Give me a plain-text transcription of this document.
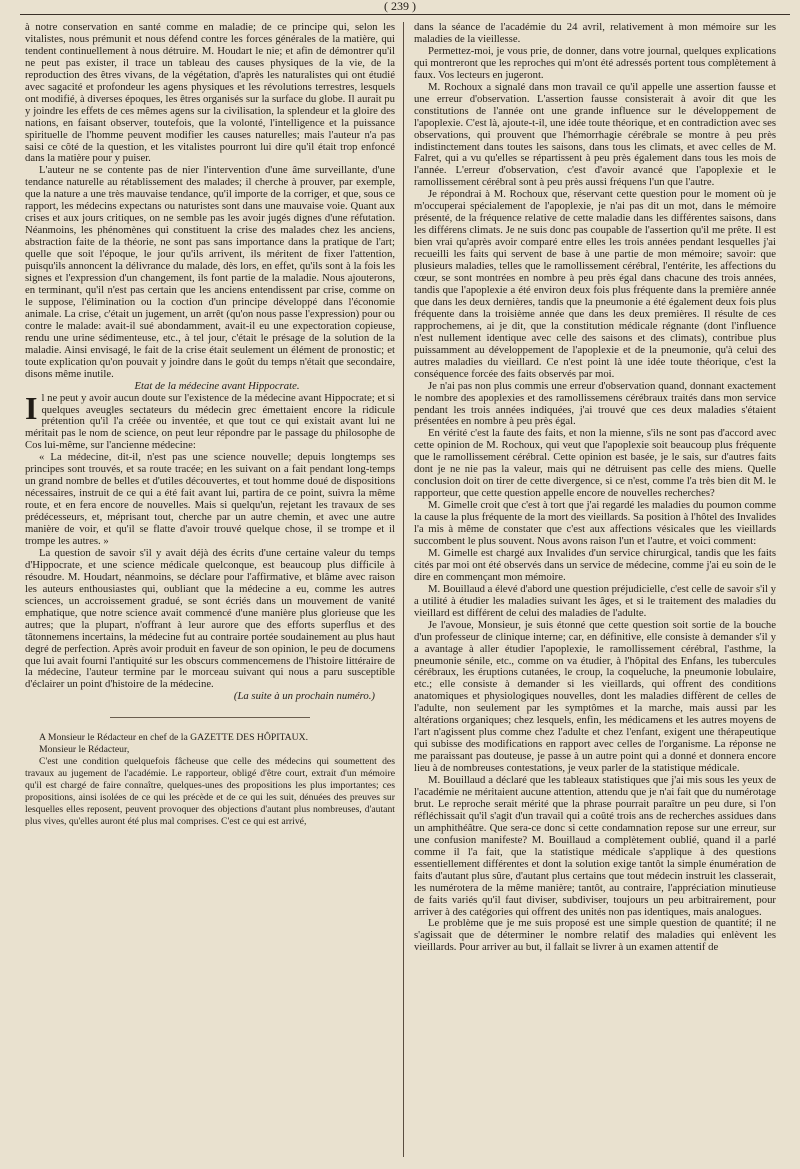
( 239 )

à notre conservation en santé comme en maladie; de ce principe qui, selon les vitalistes, nous prémunit et nous défend contre les forces générales de la matière, qui tendent continuellement à nous détruire. M. Houdart le nie; et afin de démontrer qu'il ne peut pas exister, il trace un tableau des causes physiques de la vie, de la reproduction des êtres vivans, de la végétation, d'après les naturalistes qui ont étudié avec sagacité et profondeur les agens physiques et les révolutions terrestres, lesquels ont modifié, à diverses époques, les êtres organisés sur la surface du globe. Il aurait pu y joindre les effets de ces mêmes agens sur la civilisation, la splendeur et la gloire des nations, en faisant observer, toutefois, que la volonté, l'intelligence et la puissance spirituelle de l'homme peuvent modifier les causes naturelles; mais l'auteur n'a pas saisi ce côté de la question, et les vitalistes pourront lui dire qu'il était trop enfoncé dans la matière pour y puiser.

L'auteur ne se contente pas de nier l'intervention d'une âme surveillante, d'une tendance naturelle au rétablissement des malades; il cherche à prouver, par exemple, que la nature a une très mauvaise tendance, qu'il importe de la corriger, et que, sous ce rapport, les médecins expectans ou naturistes sont dans une mauvaise voie. Quant aux crises et aux jours critiques, on ne semble pas les avoir jugés dignes d'une réfutation. Néanmoins, les phénomènes qui constituent la crise des malades chez les anciens, abstraction faite de la théorie, ne sont pas sans importance dans la pratique de l'art; quelle que soit l'époque, le jour qu'ils arrivent, ils méritent de fixer l'attention, puisqu'ils annoncent la délivrance du malade, dès lors, en effet, qu'ils sont à la fois les signes et l'expression d'un changement, ils font partie de la maladie. Nous ajouterons, en terminant, qu'il n'est pas certain que les anciens entendissent par crise, comme on le suppose, l'élimination ou la coction d'un principe développé dans l'économie animale. La crise, c'était un jugement, un arrêt (qu'on nous passe l'expression) pour ou contre le malade: avait-il sué abondamment, avait-il eu une expectoration copieuse, rendu une urine sédimenteuse, etc., à tel jour, c'était le présage de la solution de la maladie. Ainsi envisagé, le fait de la crise était seulement un élément de pronostic; et toute explication qu'on pouvait y joindre dans le goût du temps n'était que secondaire, disons même inutile.

Etat de la médecine avant Hippocrate.

Il ne peut y avoir aucun doute sur l'existence de la médecine avant Hippocrate; et si quelques aveugles sectateurs du médecin grec émettaient encore la ridicule prétention qu'il l'a créée ou inventée, et que tout ce qui existait avant lui ne méritait pas le nom de science, on peut leur répondre par le passage du philosophe de Cos lui-même, sur l'ancienne médecine:

« La médecine, dit-il, n'est pas une science nouvelle; depuis longtemps ses principes sont trouvés, et sa route tracée; en les suivant on a fait pendant long-temps un grand nombre de belles et d'utiles découvertes, et tout homme doué de dispositions nécessaires, instruit de ce qui a été fait avant lui, partira de ce point, suivra la même route, et en fera encore de nouvelles. Mais si quelqu'un, rejetant les travaux de ses prédécesseurs, et, méprisant tout, cherche par un autre chemin, et avec une autre manière de voir, et qu'il se flatte d'avoir trouvé quelque chose, il se trompe et il trompe les autres. »

La question de savoir s'il y avait déjà des écrits d'une certaine valeur du temps d'Hippocrate, et une science médicale quelconque, est beaucoup plus difficile à résoudre. M. Houdart, néanmoins, se déclare pour l'affirmative, et blâme avec raison les auteurs enthousiastes qui, oubliant que la médecine a eu, comme les autres sciences, un accroissement gradué, se sont écriés dans un mouvement de vanité emphatique, que notre science avait commencé d'une manière plus glorieuse que les autres; que la plupart, n'offrant à leur aurore que des efforts superflus et des tâtonnemens incertains, la médecine fut au contraire portée soudainement au plus haut degré de perfection. Après avoir produit en faveur de son opinion, le peu de documens que lui avait fourni l'antiquité sur les obscurs commencemens de l'histoire littéraire de la médecine, l'auteur termine par le morceau suivant qui nous a paru susceptible d'éclairer un point d'histoire de la médecine.

(La suite à un prochain numéro.)

A Monsieur le Rédacteur en chef de la GAZETTE DES HÔPITAUX.

Monsieur le Rédacteur,

C'est une condition quelquefois fâcheuse que celle des médecins qui soumettent des travaux au jugement de l'académie. Le rapporteur, obligé d'être court, extrait d'un mémoire qu'il est chargé de faire connaître, quelques-unes des propositions les plus importantes; ces propositions, ainsi isolées de ce qui les précède et de ce qui les suit, dénuées des preuves sur lesquelles elles reposent, peuvent provoquer des objections d'autant plus nombreuses, d'autant plus vives, qu'elles auront été plus mal comprises. C'est ce qui est arrivé,

dans la séance de l'académie du 24 avril, relativement à mon mémoire sur les maladies de la vieillesse.

Permettez-moi, je vous prie, de donner, dans votre journal, quelques explications qui montreront que les reproches qui m'ont été adressés portent tous complètement à faux. Vos lecteurs en jugeront.

M. Rochoux a signalé dans mon travail ce qu'il appelle une assertion fausse et une erreur d'observation. L'assertion fausse consisterait à avoir dit que les constitutions de l'année ont une grande influence sur le développement de l'apoplexie. C'est là, ajoute-t-il, une idée toute théorique, et en contradiction avec ses observations, qui prouvent que l'hémorrhagie cérébrale se montre à peu près indistinctement dans toutes les saisons, dans tous les climats, et avec celles de M. Falret, qui a vu qu'elles se répartissent à peu près également dans tous les mois de l'année. L'erreur d'observation, c'est d'avoir avancé que l'apoplexie et le ramollissement cérébral sont à peu près aussi fréquens l'un que l'autre.

Je répondrai à M. Rochoux que, réservant cette question pour le moment où je m'occuperai spécialement de l'apoplexie, je n'ai pas dit un mot, dans le mémoire présenté, de la fréquence relative de cette maladie dans les différentes saisons, dans les différens climats. Je ne suis donc pas coupable de l'assertion qu'il me prête. Il est bien vrai qu'après avoir comparé entre elles les trois années pendant lesquelles j'ai recueilli les faits qui servent de base à une partie de mon mémoire; savoir: que plusieurs maladies, telles que le ramollissement cérébral, l'entérite, les affections du cœur, se sont montrées en nombre à peu près égal dans chacune des trois années, tandis que l'apoplexie a été environ deux fois plus fréquente dans la première année que dans les deux dernières, tandis que la pneumonie a été également deux fois plus fréquente dans la troisième année que dans les deux premières. Il résulte de ces rapprochemens, ai je dit, que la constitution médicale régnante (dont l'influence n'est nullement identique avec celle des saisons et des climats), contribue plus puissamment au développement de l'apoplexie et de la pneumonie, qu'à celui des autres maladies du vieillard. Ce n'est point là une idée toute théorique, c'est la conséquence forcée des faits observés par moi.

Je n'ai pas non plus commis une erreur d'observation quand, donnant exactement le nombre des apoplexies et des ramollissemens cérébraux traités dans mon service pendant les trois années indiquées, j'ai trouvé que ces deux maladies s'étaient présentées en nombre à peu près égal.

En vérité c'est la faute des faits, et non la mienne, s'ils ne sont pas d'accord avec cette opinion de M. Rochoux, qui veut que l'apoplexie soit beaucoup plus fréquente que le ramollissement cérébral. Cette opinion est basée, je le sais, sur d'autres faits dont je ne nie pas la valeur, mais qui ne détruisent pas celle des miens. Quelle conclusion doit on tirer de cette divergence, si ce n'est, comme l'a très bien dit M. le rapporteur, que cette question appelle encore de nouvelles recherches?

M. Gimelle croit que c'est à tort que j'ai regardé les maladies du poumon comme la cause la plus fréquente de la mort des vieillards. Sa position à l'hôtel des Invalides l'a mis à même de constater que c'est aux affections vésicales que les vieillards succombent le plus souvent. Nous avons raison l'un et l'autre, et voici comment:

M. Gimelle est chargé aux Invalides d'un service chirurgical, tandis que les faits cités par moi ont été observés dans un service de médecine, comme j'ai eu soin de le dire en commençant mon mémoire.

M. Bouillaud a élevé d'abord une question préjudicielle, c'est celle de savoir s'il y a utilité à étudier les maladies suivant les âges, et si le traitement des maladies du vieillard est différent de celui des maladies de l'adulte.

Je l'avoue, Monsieur, je suis étonné que cette question soit sortie de la bouche d'un professeur de clinique interne; car, en définitive, elle consiste à demander s'il y a avantage à aller étudier l'apoplexie, le ramollissement cérébral, l'asthme, la pneumonie sénile, etc., comme on va étudier, à l'hôpital des Enfans, les tubercules cérébraux, les éruptions cutanées, le croup, la coqueluche, la pneumonie lobulaire, etc.; elle consiste à demander si les vieillards, qui offrent des conditions anatomiques et physiologiques nouvelles, dont les maladies diffèrent de celles de l'adulte, non seulement par les symptômes et la marche, mais aussi par les altérations organiques; chez lesquels, enfin, les médicamens et les autres moyens de l'art n'agissent plus comme chez l'adulte et chez l'enfant, exigent une thérapeutique qui subisse des modifications en rapport avec celles de l'organisme. La réponse ne me paraissant pas douteuse, je passe à un autre point qui a donné et donnera encore lieu à de nombreuses contestations, je veux parler de la statistique médicale.

M. Bouillaud a déclaré que les tableaux statistiques que j'ai mis sous les yeux de l'académie ne méritaient aucune attention, attendu que je n'ai fait que du numérotage brut. Le reproche serait mérité que la phrase pourrait paraître un peu dure, si l'on réfléchissait qu'il s'agit d'un travail qui a coûté trois ans de recherches assidues dans un amphithéâtre. Que sera-ce donc si cette condamnation repose sur une erreur, sur une confusion manifeste? M. Bouillaud a complètement oublié, quand il a parlé comme il l'a fait, que la statistique médicale s'applique à des questions essentiellement différentes et dont la solution exige tantôt la simple énumération de faits d'autant plus sûre, d'autant plus certains que tout médecin instruit les classerait, les numérotera de la même manière; tantôt, au contraire, l'appréciation minutieuse de faits variés qu'il faut diviser, subdiviser, toujours un peu arbitrairement, pour arriver à des catégories qui offrent des unités non pas identiques, mais analogues.

Le problème que je me suis proposé est une simple question de quantité; il ne s'agissait que de déterminer le nombre relatif des maladies qui enlèvent les vieillards. Pour arriver au but, il fallait se livrer à un examen attentif de
